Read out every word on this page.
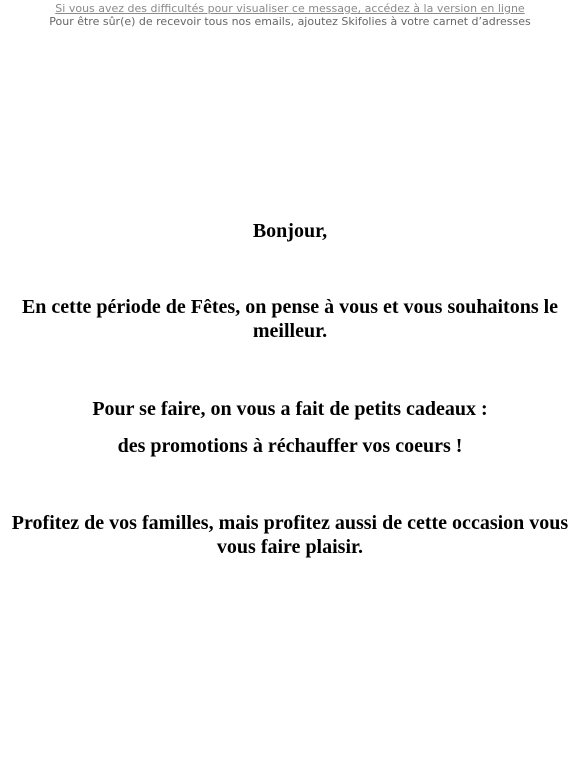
Si vous avez des difficultés pour visualiser ce message, accédez à la version en ligne
Pour être sûr(e) de recevoir tous nos emails, ajoutez Skifolies à votre carnet d’adresses
Bonjour,
En cette période de Fêtes, on pense à vous et vous souhaitons le
meilleur.
Pour se faire, on vous a fait de petits cadeaux :
des promotions à réchauffer vos coeurs !
Profitez de vos familles, mais profitez aussi de cette occasion vous
vous faire plaisir.
